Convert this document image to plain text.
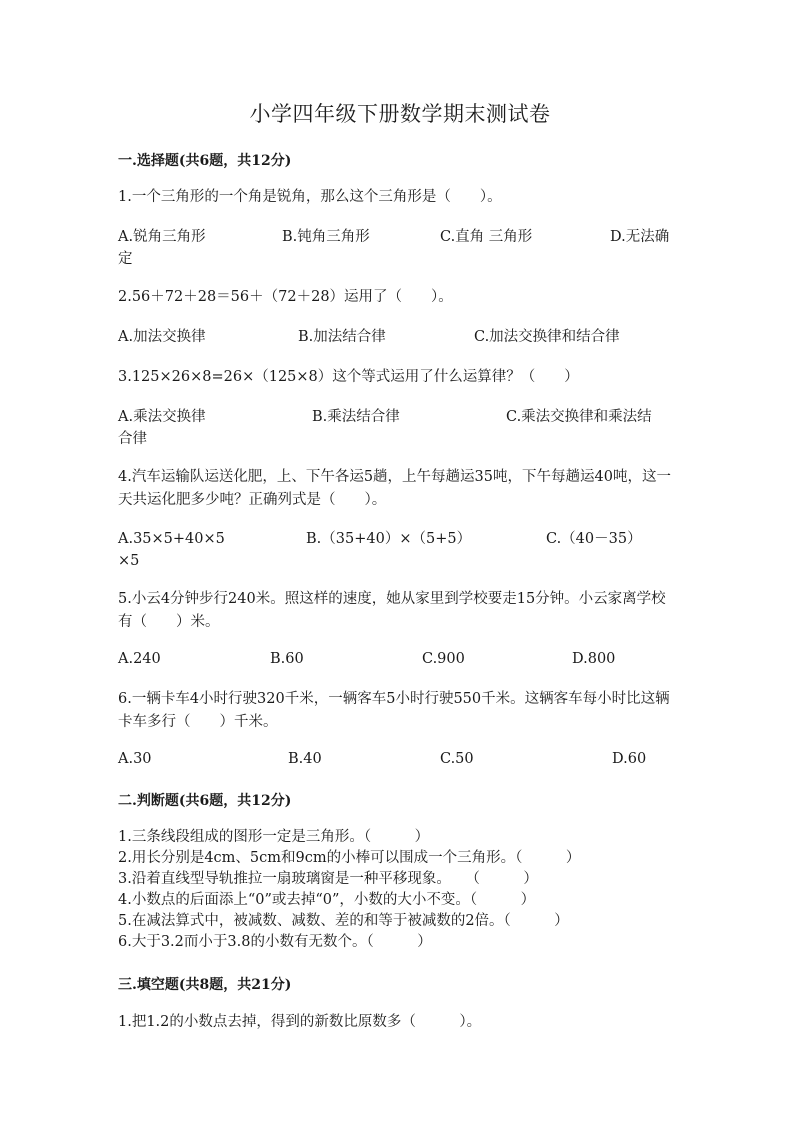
小学四年级下册数学期末测试卷
一.选择题(共6题，共12分)
1.一个三角形的一个角是锐角，那么这个三角形是（　　）。
A.锐角三角形	B.钝角三角形	C.直角 三角形	D.无法确
定
2.56＋72＋28＝56＋（72＋28）运用了（　　）。
A.加法交换律	B.加法结合律	C.加法交换律和结合律
3.125×26×8=26×（125×8）这个等式运用了什么运算律？（　　）
A.乘法交换律	B.乘法结合律	C.乘法交换律和乘法结
合律
4.汽车运输队运送化肥，上、下午各运5趟，上午每趟运35吨，下午每趟运40吨，这一天共运化肥多少吨？正确列式是（　　）。
A.35×5+40×5	B.（35+40）×（5+5）	C.（40－35）
×5
5.小云4分钟步行240米。照这样的速度，她从家里到学校要走15分钟。小云家离学校有（　　）米。
A.240	B.60	C.900	D.800
6.一辆卡车4小时行驶320千米，一辆客车5小时行驶550千米。这辆客车每小时比这辆卡车多行（　　）千米。
A.30	B.40	C.50	D.60
二.判断题(共6题，共12分)
1.三条线段组成的图形一定是三角形。（　　　）
2.用长分别是4cm、5cm和9cm的小棒可以围成一个三角形。（　　　）
3.沿着直线型导轨推拉一扇玻璃窗是一种平移现象。　　（　　　）
4.小数点的后面添上“0”或去掉“0”，小数的大小不变。（　　　）
5.在减法算式中，被减数、减数、差的和等于被减数的2倍。（　　　）
6.大于3.2而小于3.8的小数有无数个。（　　　）
三.填空题(共8题，共21分)
1.把1.2的小数点去掉，得到的新数比原数多（　　　）。
